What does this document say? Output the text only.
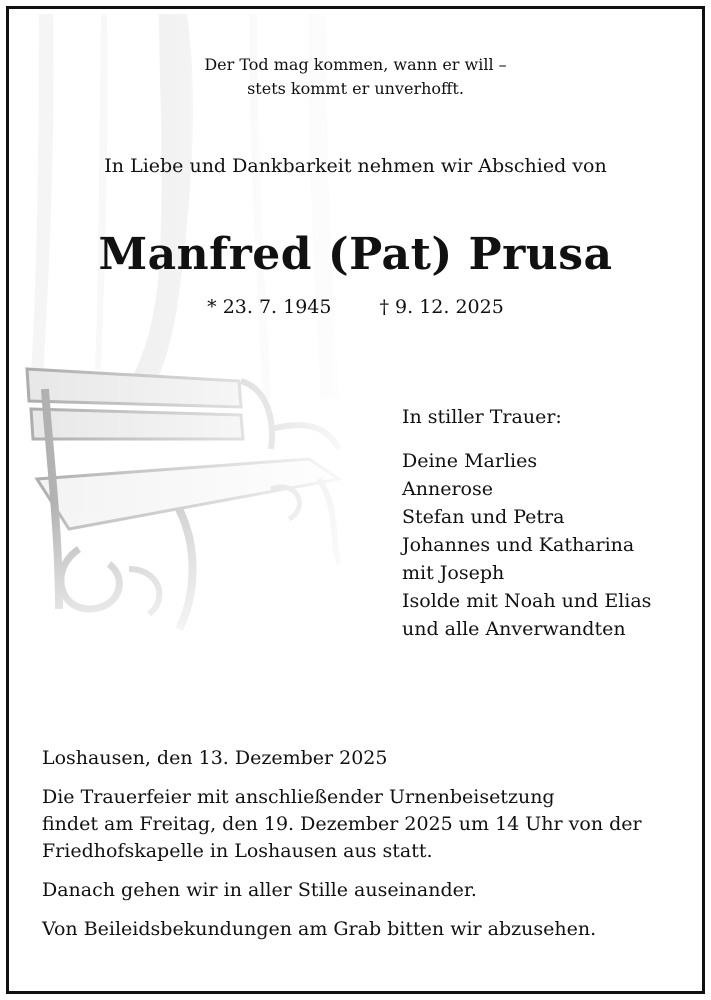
Der Tod mag kommen, wann er will –
stets kommt er unverhofft.
In Liebe und Dankbarkeit nehmen wir Abschied von
Manfred (Pat) Prusa
* 23. 7. 1945	† 9. 12. 2025
In stiller Trauer:
Deine Marlies
Annerose
Stefan und Petra
Johannes und Katharina
mit Joseph
Isolde mit Noah und Elias
und alle Anverwandten

Loshausen, den 13. Dezember 2025

Die Trauerfeier mit anschließender Urnenbeisetzung
findet am Freitag, den 19. Dezember 2025 um 14 Uhr von der
Friedhofskapelle in Loshausen aus statt.

Danach gehen wir in aller Stille auseinander.

Von Beileidsbekundungen am Grab bitten wir abzusehen.
